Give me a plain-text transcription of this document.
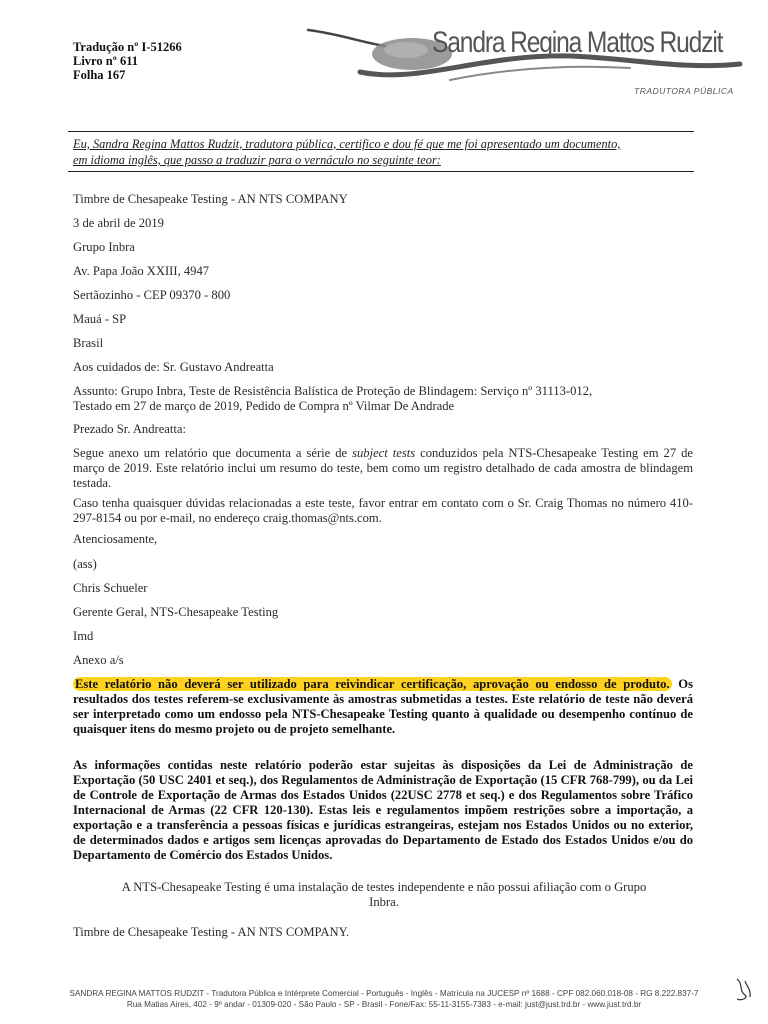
Tradução nº I-51266
Livro nº 611
Folha 167
Sandra Regina Mattos Rudzit
TRADUTORA PÚBLICA
Eu, Sandra Regina Mattos Rudzit, tradutora pública, certifico e dou fé que me foi apresentado um documento,
em idioma inglês, que passo a traduzir para o vernáculo no seguinte teor:
Timbre de Chesapeake Testing - AN NTS COMPANY
3 de abril de 2019
Grupo Inbra
Av. Papa João XXIII, 4947
Sertãozinho - CEP 09370 - 800
Mauá - SP
Brasil
Aos cuidados de: Sr. Gustavo Andreatta
Assunto: Grupo Inbra, Teste de Resistência Balística de Proteção de Blindagem: Serviço nº 31113-012,
Testado em 27 de março de 2019, Pedido de Compra nº Vilmar De Andrade
Prezado Sr. Andreatta:
Segue anexo um relatório que documenta a série de subject tests conduzidos pela NTS-Chesapeake Testing em 27 de março de 2019. Este relatório inclui um resumo do teste, bem como um registro detalhado de cada amostra de blindagem testada.
Caso tenha quaisquer dúvidas relacionadas a este teste, favor entrar em contato com o Sr. Craig Thomas no número 410-297-8154 ou por e-mail, no endereço craig.thomas@nts.com.
Atenciosamente,
(ass)
Chris Schueler
Gerente Geral, NTS-Chesapeake Testing
Imd
Anexo a/s
Este relatório não deverá ser utilizado para reivindicar certificação, aprovação ou endosso de produto. Os resultados dos testes referem-se exclusivamente às amostras submetidas a testes. Este relatório de teste não deverá ser interpretado como um endosso pela NTS-Chesapeake Testing quanto à qualidade ou desempenho contínuo de quaisquer itens do mesmo projeto ou de projeto semelhante.
As informações contidas neste relatório poderão estar sujeitas às disposições da Lei de Administração de Exportação (50 USC 2401 et seq.), dos Regulamentos de Administração de Exportação (15 CFR 768-799), ou da Lei de Controle de Exportação de Armas dos Estados Unidos (22USC 2778 et seq.) e dos Regulamentos sobre Tráfico Internacional de Armas (22 CFR 120-130). Estas leis e regulamentos impõem restrições sobre a importação, a exportação e a transferência a pessoas físicas e jurídicas estrangeiras, estejam nos Estados Unidos ou no exterior, de determinados dados e artigos sem licenças aprovadas do Departamento de Estado dos Estados Unidos e/ou do Departamento de Comércio dos Estados Unidos.
A NTS-Chesapeake Testing é uma instalação de testes independente e não possui afiliação com o Grupo Inbra.
Timbre de Chesapeake Testing - AN NTS COMPANY.
SANDRA REGINA MATTOS RUDZIT - Tradutora Pública e Intérprete Comercial - Português - Inglês - Matrícula na JUCESP nº 1688 - CPF 082.060.018-08 - RG 8.222.837-7
Rua Matias Aires, 402 - 9º andar - 01309-020 - São Paulo - SP - Brasil - Fone/Fax: 55-11-3155-7383 - e-mail: just@just.trd.br - www.just.trd.br
